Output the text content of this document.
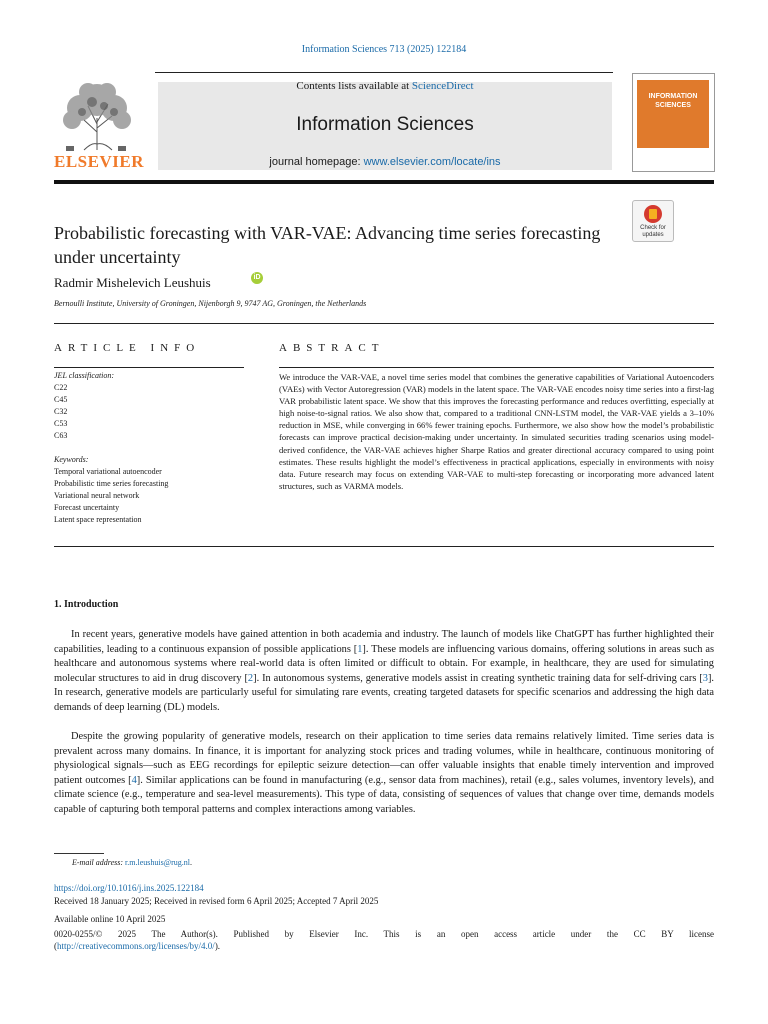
Information Sciences 713 (2025) 122184
ELSEVIER
Contents lists available at ScienceDirect
Information Sciences
journal homepage: www.elsevier.com/locate/ins
INFORMATION SCIENCES
Probabilistic forecasting with VAR-VAE: Advancing time series forecasting under uncertainty
Check for updates
Radmir Mishelevich Leushuis	iD
Bernoulli Institute, University of Groningen, Nijenborgh 9, 9747 AG, Groningen, the Netherlands
ARTICLE INFO	ABSTRACT
JEL classification:
C22
C45
C32
C53
C63
Keywords:
Temporal variational autoencoder
Probabilistic time series forecasting
Variational neural network
Forecast uncertainty
Latent space representation
We introduce the VAR-VAE, a novel time series model that combines the generative capabilities of Variational Autoencoders (VAEs) with Vector Autoregression (VAR) models in the latent space. The VAR-VAE encodes noisy time series into a first-lag VAR probabilistic latent space. We show that this improves the forecasting performance and reduces overfitting, especially at high noise-to-signal ratios. We also show that, compared to a traditional CNN-LSTM model, the VAR-VAE yields a 3–10% reduction in MSE, while converging in 66% fewer training epochs. Furthermore, we also show how the model’s probabilistic forecasts can improve practical decision-making under uncertainty. In simulated securities trading scenarios using model-derived confidence, the VAR-VAE achieves higher Sharpe Ratios and greater directional accuracy compared to using point estimates. These results highlight the model’s effectiveness in practical applications, especially in environments with noisy data. Future research may focus on extending VAR-VAE to multi-step forecasting or incorporating more advanced latent structures, such as VARMA models.
1. Introduction
In recent years, generative models have gained attention in both academia and industry. The launch of models like ChatGPT has further highlighted their capabilities, leading to a continuous expansion of possible applications [1]. These models are influencing various domains, offering solutions in areas such as healthcare and autonomous systems where real-world data is often limited or difficult to obtain. For example, in healthcare, they are used for simulating molecular structures to aid in drug discovery [2]. In autonomous systems, generative models assist in creating synthetic training data for self-driving cars [3]. In research, generative models are particularly useful for simulating rare events, creating targeted datasets for specific scenarios and addressing the high data demands of deep learning (DL) models.
Despite the growing popularity of generative models, research on their application to time series data remains relatively limited. Time series data is prevalent across many domains. In finance, it is important for analyzing stock prices and trading volumes, while in healthcare, continuous monitoring of physiological signals—such as EEG recordings for epileptic seizure detection—can offer valuable insights that enable timely intervention and improved patient outcomes [4]. Similar applications can be found in manufacturing (e.g., sensor data from machines), retail (e.g., sales volumes, inventory levels), and climate science (e.g., temperature and sea-level measurements). This type of data, consisting of sequences of values that change over time, demands models capable of capturing both temporal patterns and complex interactions among variables.
E-mail address: r.m.leushuis@rug.nl.
https://doi.org/10.1016/j.ins.2025.122184
Received 18 January 2025; Received in revised form 6 April 2025; Accepted 7 April 2025
Available online 10 April 2025
0020-0255/© 2025 The Author(s). Published by Elsevier Inc. This is an open access article under the CC BY license
(http://creativecommons.org/licenses/by/4.0/).
